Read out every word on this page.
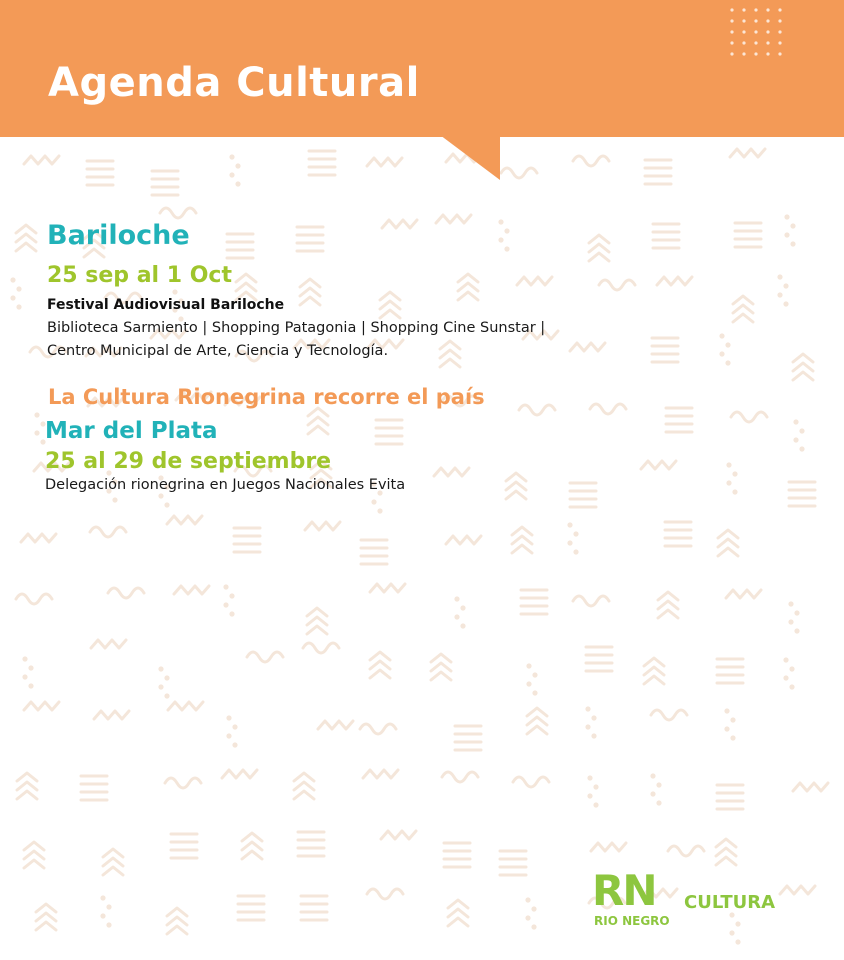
Agenda Cultural
Bariloche
25 sep al 1 Oct
Festival Audiovisual Bariloche
Biblioteca Sarmiento | Shopping Patagonia | Shopping Cine Sunstar |
Centro Municipal de Arte, Ciencia y Tecnología.
La Cultura Rionegrina recorre el país
Mar del Plata
25 al 29 de septiembre
Delegación rionegrina en Juegos Nacionales Evita
RN
RIO NEGRO
CULTURA
